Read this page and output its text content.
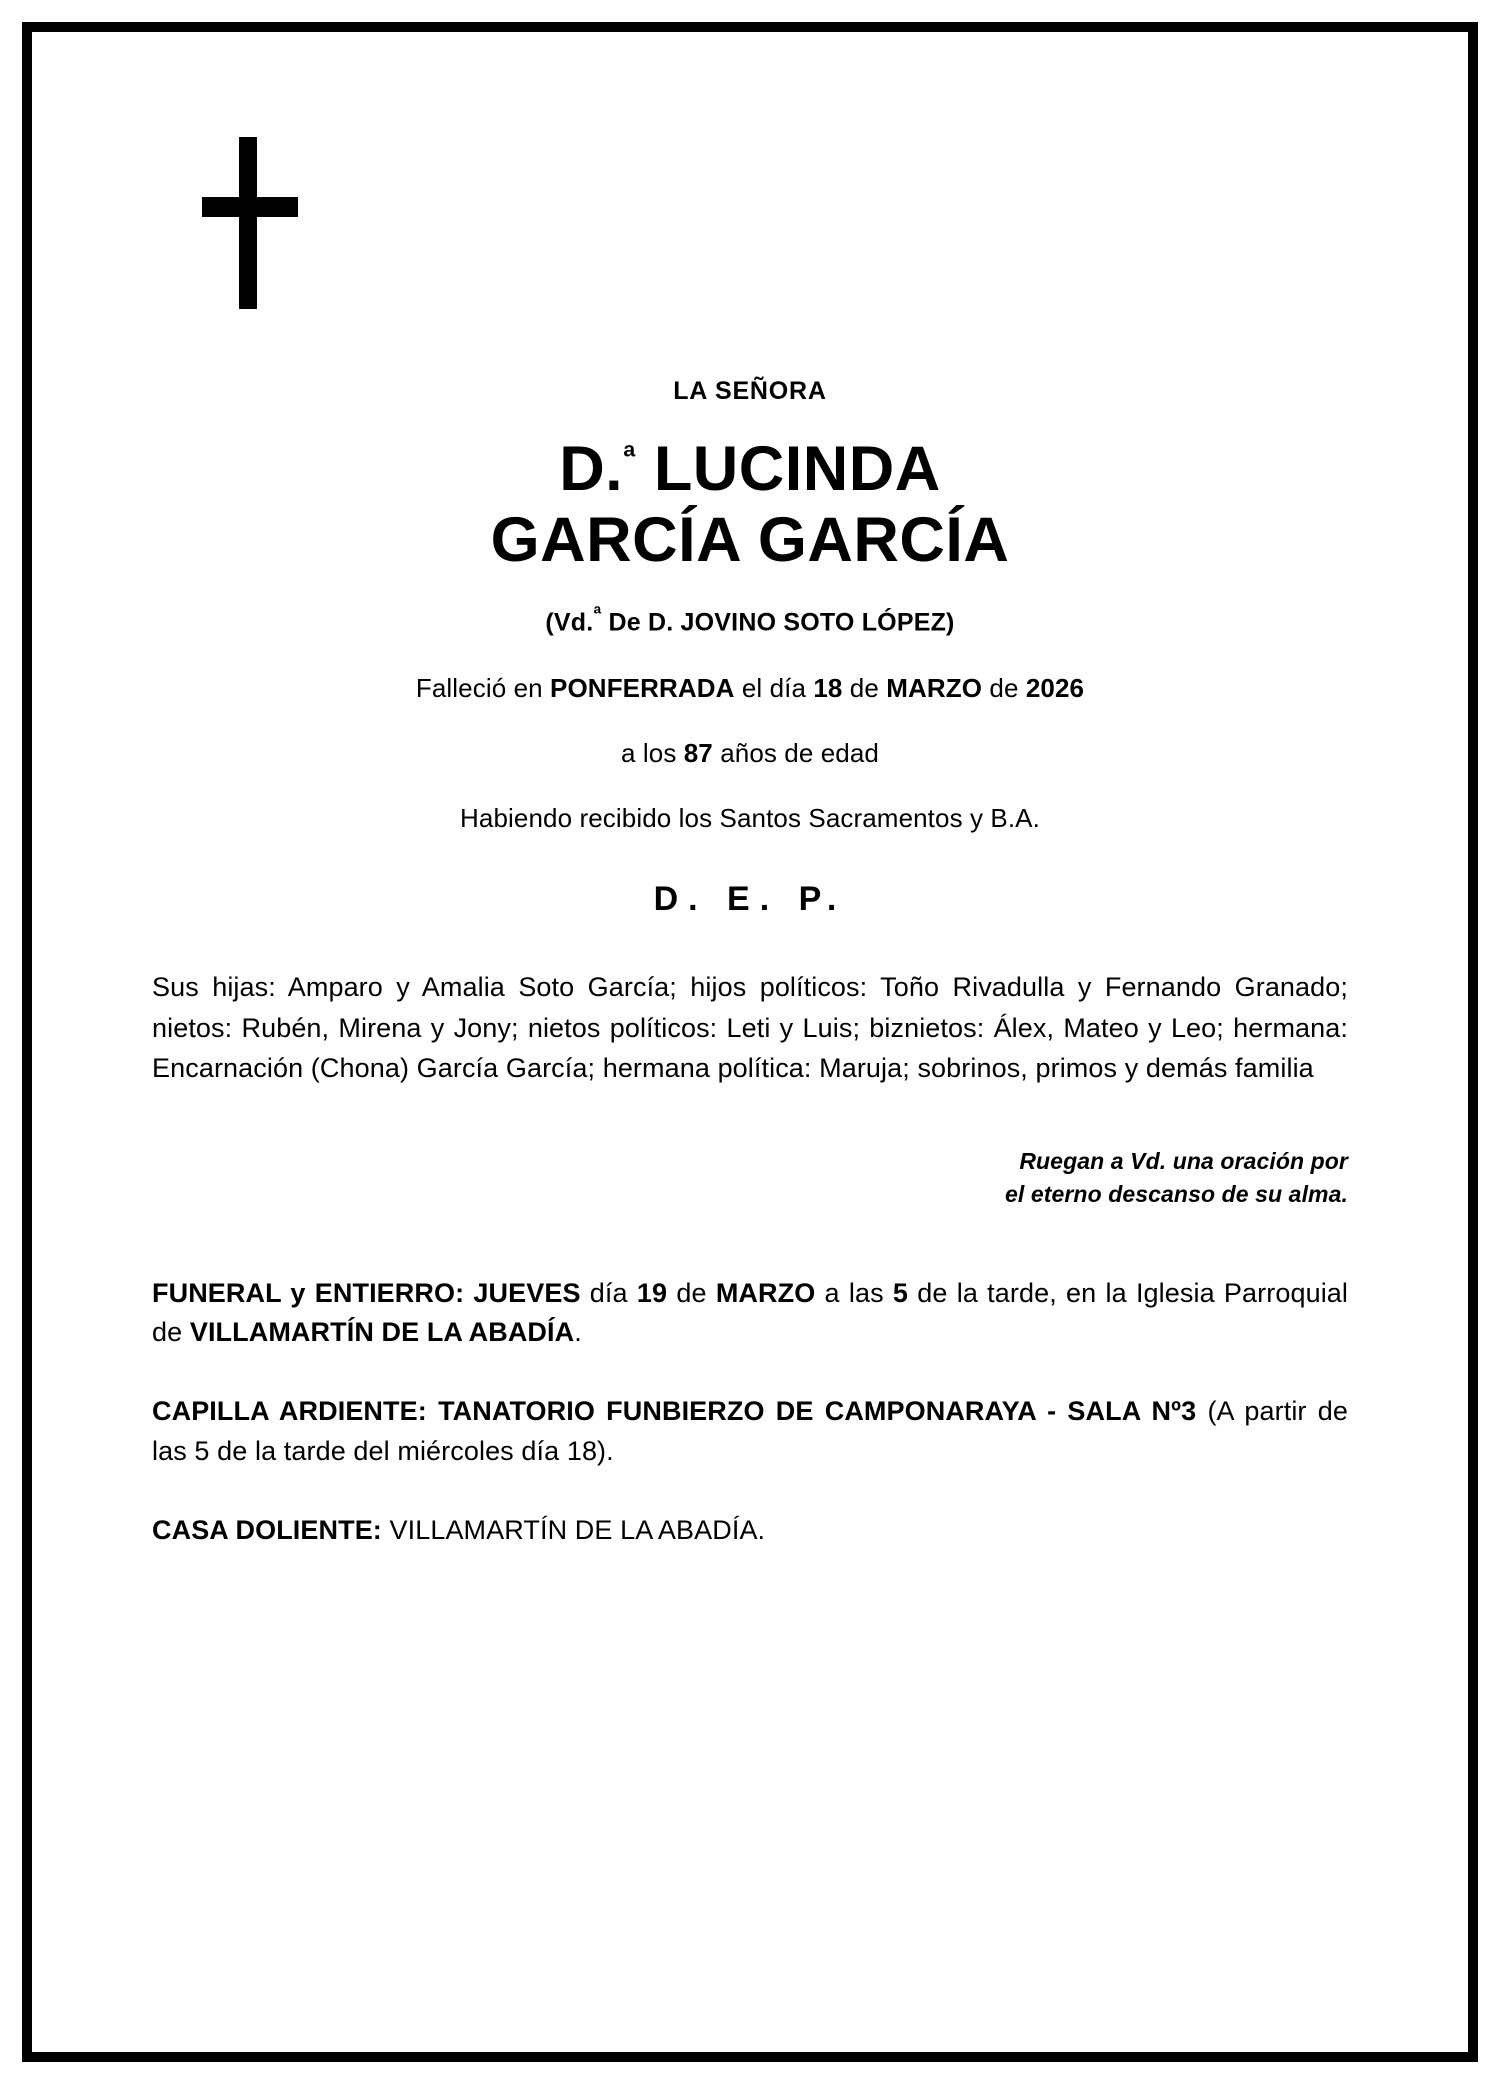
LA SEÑORA
D.$^ª$ LUCINDA
GARCÍA GARCÍA
(Vd.$^ª$ De D. JOVINO SOTO LÓPEZ)
Falleció en PONFERRADA el día 18 de MARZO de 2026
a los 87 años de edad
Habiendo recibido los Santos Sacramentos y B.A.
D. E. P.
Sus hijas: Amparo y Amalia Soto García; hijos políticos: Toño Rivadulla y Fernando Granado; nietos: Rubén, Mirena y Jony; nietos políticos: Leti y Luis; biznietos: Álex, Mateo y Leo; hermana: Encarnación (Chona) García García; hermana política: Maruja; sobrinos, primos y demás familia
Ruegan a Vd. una oración por
el eterno descanso de su alma.
FUNERAL y ENTIERRO: JUEVES día 19 de MARZO a las 5 de la tarde, en la Iglesia Parroquial de VILLAMARTÍN DE LA ABADÍA.
CAPILLA ARDIENTE: TANATORIO FUNBIERZO DE CAMPONARAYA - SALA Nº3 (A partir de las 5 de la tarde del miércoles día 18).
CASA DOLIENTE: VILLAMARTÍN DE LA ABADÍA.
